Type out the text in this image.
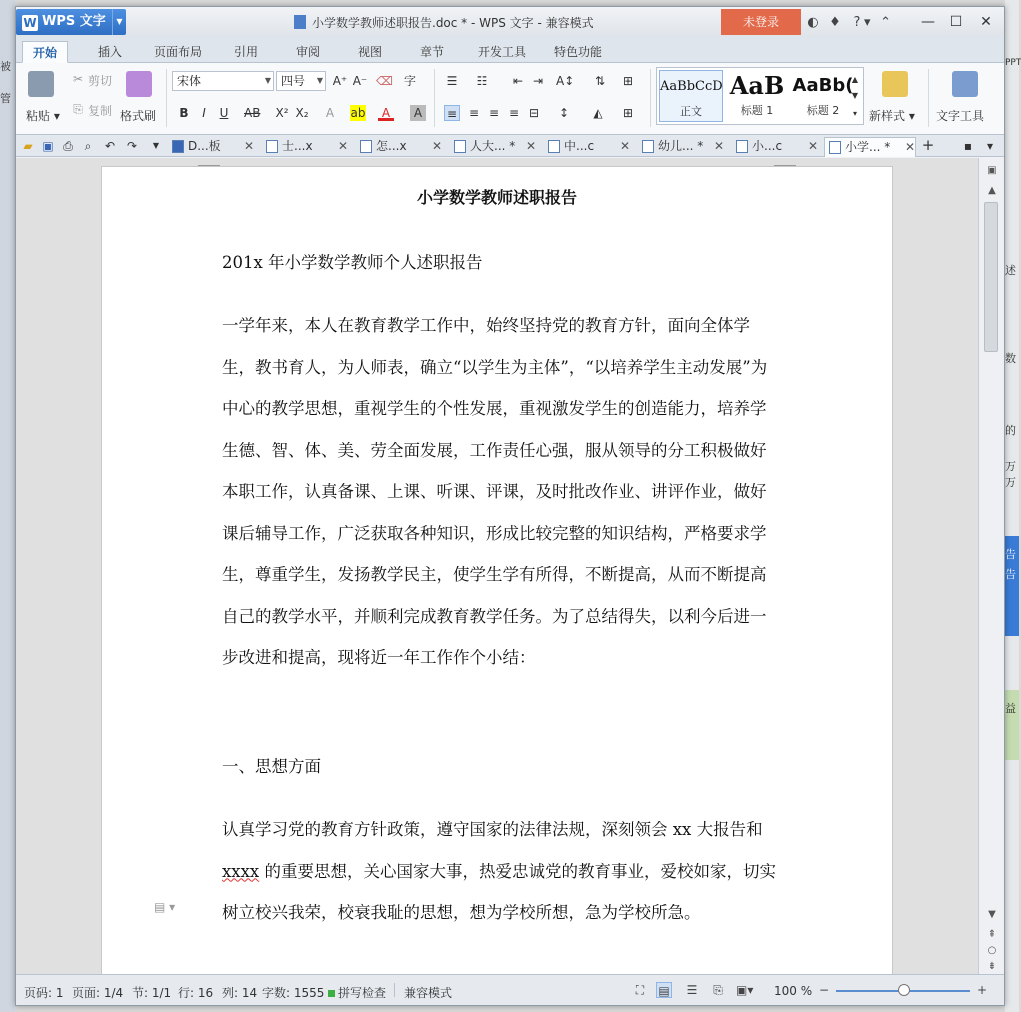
被
管
PPT
述
数
的
万
万
告
告
益
W WPS 文字	▼	小学数学教师述职报告.doc * - WPS 文字 - 兼容模式	未登录	◐ ♦ ? ▾ ⌃	—	☐	✕
开始	插入	页面布局	引用	审阅	视图	章节	开发工具	特色功能
粘贴 ▾
✂ 剪切
⎘ 复制 格式刷
宋体	▼ 四号 ▼ A⁺ A⁻ ⌫ 字
B	I	U	AB X² X₂	A	ab	A	A
☰ ☷ ⇤ ⇥ A↕ ⇅ ⊞
≡ ≡ ≡ ≡ ⊟ ↕ ◭ ⊞
AaBbCcD
正文
AaB
标题 1
AaBb(
标题 2
▲
▼
▾	新样式 ▾ 文字工具
▰ ▣ ⎙ ⌕	↶ ↷	▼	D...板 ✕	士...x ✕	怎...x ✕	人大... * ✕	中...c ✕	幼儿... * ✕	小...c ✕	小学... * ✕ +	▪	▾
小学数学教师述职报告
201x 年小学数学教师个人述职报告
一学年来，本人在教育教学工作中，始终坚持党的教育方针，面向全体学生，教书育人，为人师表，确立“以学生为主体”，“以培养学生主动发展”为中心的教学思想，重视学生的个性发展，重视激发学生的创造能力，培养学生德、智、体、美、劳全面发展，工作责任心强，服从领导的分工积极做好本职工作，认真备课、上课、听课、评课，及时批改作业、讲评作业，做好课后辅导工作，广泛获取各种知识，形成比较完整的知识结构，严格要求学生，尊重学生，发扬教学民主，使学生学有所得，不断提高，从而不断提高自己的教学水平，并顺利完成教育教学任务。为了总结得失，以利今后进一步改进和提高，现将近一年工作作个小结：
一、思想方面
认真学习党的教育方针政策，遵守国家的法律法规，深刻领会 xx 大报告和 xxxx 的重要思想，关心国家大事，热爱忠诚党的教育事业，爱校如家，切实树立校兴我荣，校衰我耻的思想，想为学校所想，急为学校所急。
▤ ▾
▣
▲
▼
⇞
○
⇟
页码: 1 页面: 1/4 节: 1/1 行: 16 列: 14 字数: 1555	拼写检查 兼容模式	⛶	▤ ☰ ⎘ ▣▾ 100 % −	+
